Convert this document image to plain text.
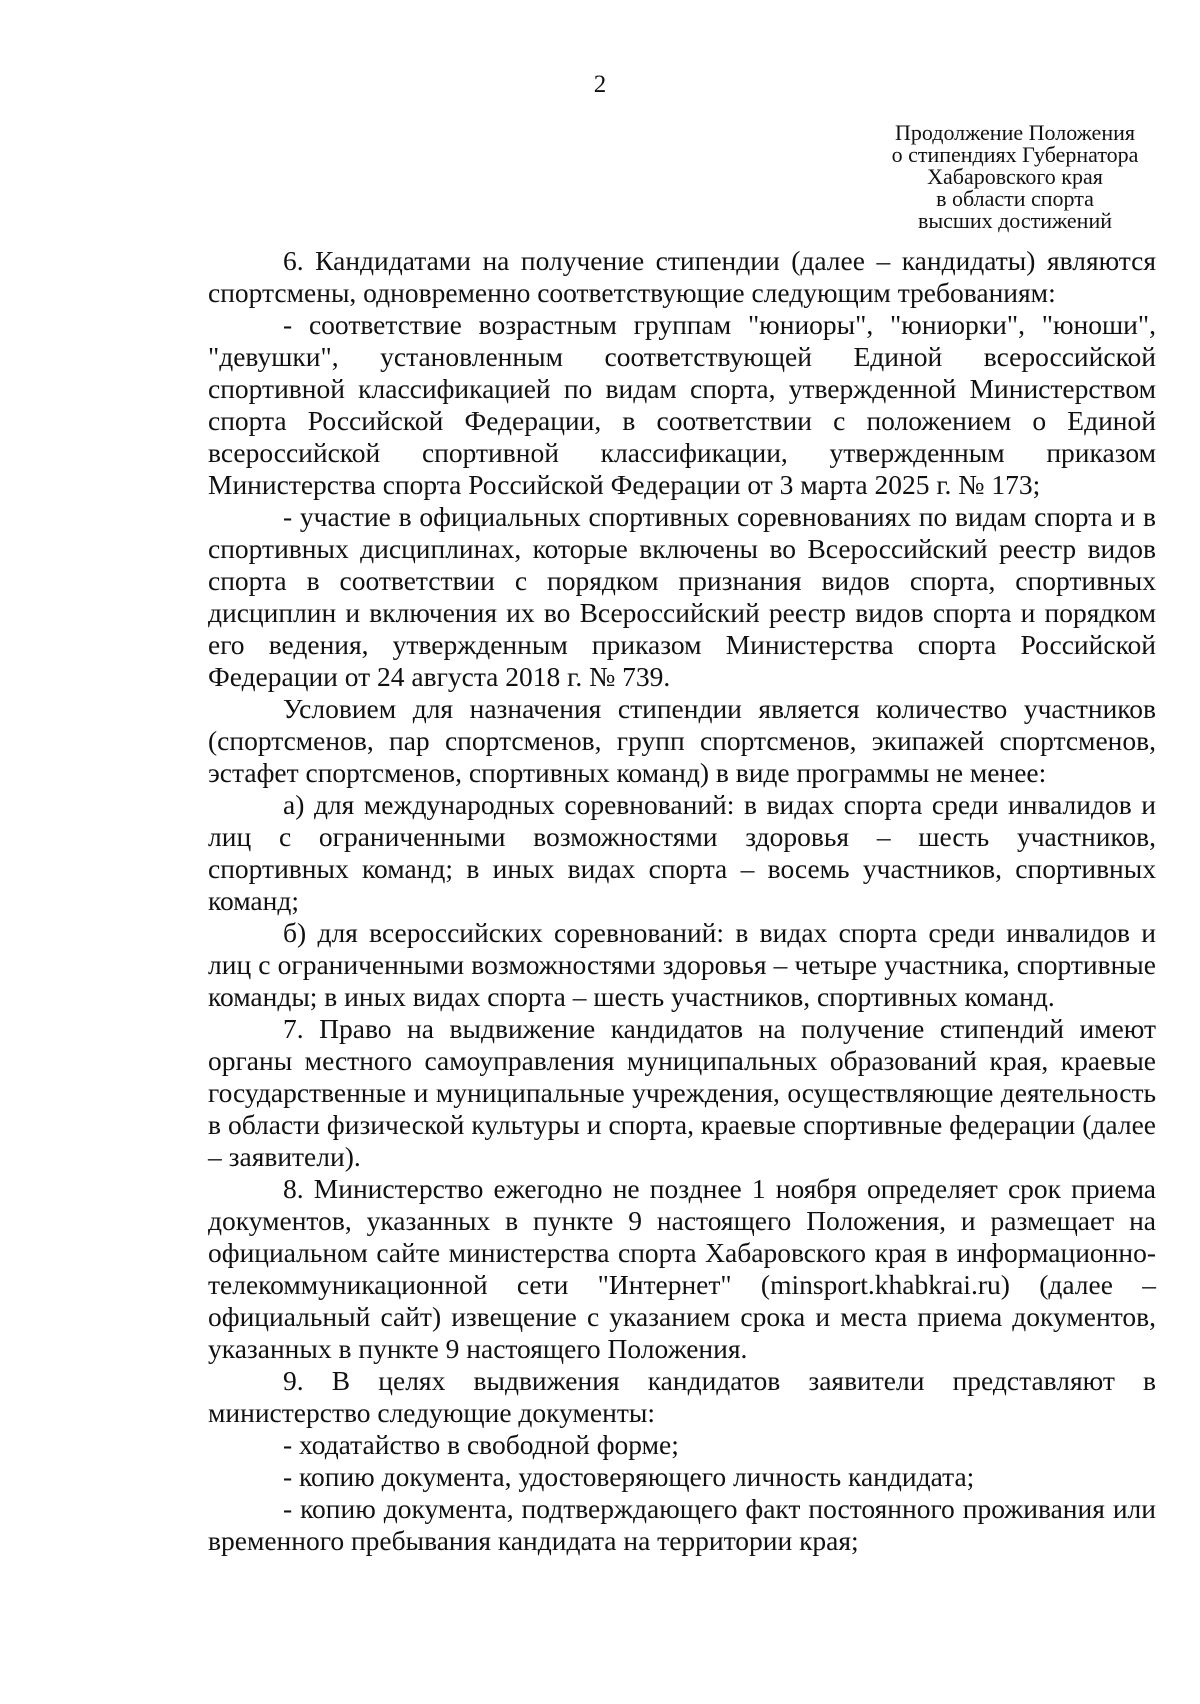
2
Продолжение Положения
о стипендиях Губернатора
Хабаровского края
в области спорта
высших достижений

6. Кандидатами на получение стипендии (далее – кандидаты) являются спортсмены, одновременно соответствующие следующим требованиям:

- соответствие возрастным группам "юниоры", "юниорки", "юноши", "девушки", установленным соответствующей Единой всероссийской спортивной классификацией по видам спорта, утвержденной Министерством спорта Российской Федерации, в соответствии с положением о Единой всероссийской спортивной классификации, утвержденным приказом Министерства спорта Российской Федерации от 3 марта 2025 г. № 173;

- участие в официальных спортивных соревнованиях по видам спорта и в спортивных дисциплинах, которые включены во Всероссийский реестр видов спорта в соответствии с порядком признания видов спорта, спортивных дисциплин и включения их во Всероссийский реестр видов спорта и порядком его ведения, утвержденным приказом Министерства спорта Российской Федерации от 24 августа 2018 г. № 739.

Условием для назначения стипендии является количество участников (спортсменов, пар спортсменов, групп спортсменов, экипажей спортсменов, эстафет спортсменов, спортивных команд) в виде программы не менее:

а) для международных соревнований: в видах спорта среди инвалидов и лиц с ограниченными возможностями здоровья – шесть участников, спортивных команд; в иных видах спорта – восемь участников, спортивных команд;

б) для всероссийских соревнований: в видах спорта среди инвалидов и лиц с ограниченными возможностями здоровья – четыре участника, спортивные команды; в иных видах спорта – шесть участников, спортивных команд.

7. Право на выдвижение кандидатов на получение стипендий имеют органы местного самоуправления муниципальных образований края, краевые государственные и муниципальные учреждения, осуществляющие деятельность в области физической культуры и спорта, краевые спортивные федерации (далее – заявители).

8. Министерство ежегодно не позднее 1 ноября определяет срок приема документов, указанных в пункте 9 настоящего Положения, и размещает на официальном сайте министерства спорта Хабаровского края в информационно-телекоммуникационной сети "Интернет" (minsport.khabkrai.ru) (далее – официальный сайт) извещение с указанием срока и места приема документов, указанных в пункте 9 настоящего Положения.

9. В целях выдвижения кандидатов заявители представляют в министерство следующие документы:

- ходатайство в свободной форме;

- копию документа, удостоверяющего личность кандидата;

- копию документа, подтверждающего факт постоянного проживания или временного пребывания кандидата на территории края;
